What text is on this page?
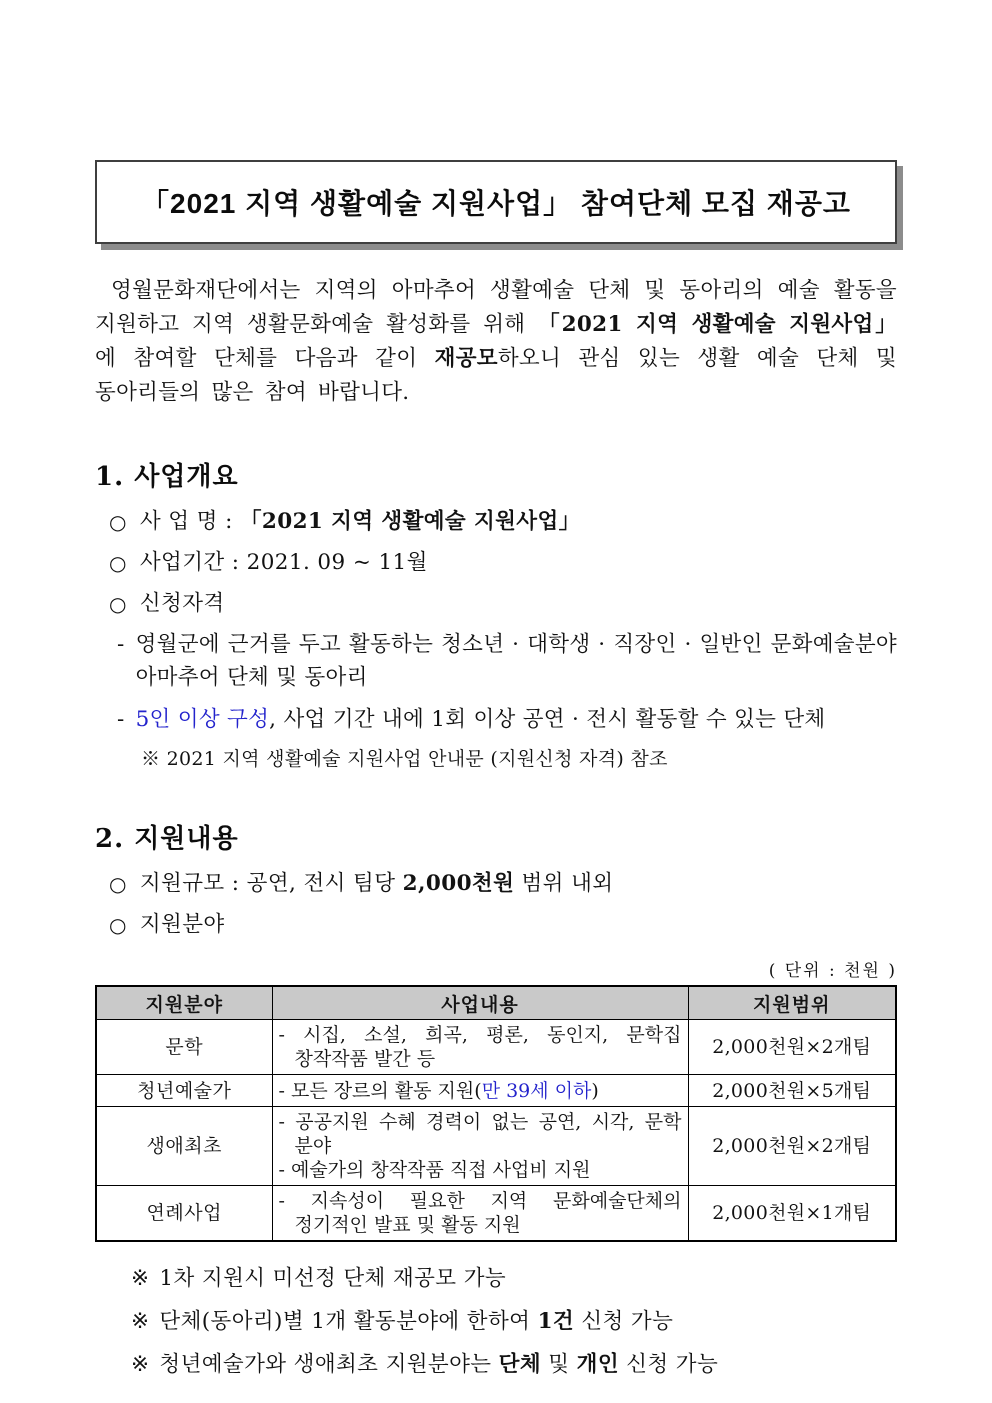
「2021 지역 생활예술 지원사업」 참여단체 모집 재공고

영월문화재단에서는 지역의 아마추어 생활예술 단체 및 동아리의 예술 활동을 지원하고 지역 생활문화예술 활성화를 위해 「2021 지역 생활예술 지원사업」에 참여할 단체를 다음과 같이 재공모하오니 관심 있는 생활 예술 단체 및 동아리들의 많은 참여 바랍니다.

1. 사업개요
○ 사 업 명 : 「2021 지역 생활예술 지원사업」
○ 사업기간 : 2021. 09 ~ 11월
○ 신청자격
- 영월군에 근거를 두고 활동하는 청소년 · 대학생 · 직장인 · 일반인 문화예술분야 아마추어 단체 및 동아리
- 5인 이상 구성, 사업 기간 내에 1회 이상 공연 · 전시 활동할 수 있는 단체
※ 2021 지역 생활예술 지원사업 안내문 (지원신청 자격) 참조
2. 지원내용
○ 지원규모 : 공연, 전시 팀당 2,000천원 범위 내외
○ 지원분야
( 단위 : 천원 )
지원분야	사업내용	지원범위
문학	- 시집, 소설, 희곡, 평론, 동인지, 문학집 창작작품 발간 등	2,000천원×2개팀
청년예술가	- 모든 장르의 활동 지원(만 39세 이하)	2,000천원×5개팀
생애최초	- 공공지원 수혜 경력이 없는 공연, 시각, 문학 분야
- 예술가의 창작작품 직접 사업비 지원	2,000천원×2개팀
연례사업	- 지속성이 필요한 지역 문화예술단체의 정기적인 발표 및 활동 지원	2,000천원×1개팀
※ 1차 지원시 미선정 단체 재공모 가능
※ 단체(동아리)별 1개 활동분야에 한하여 1건 신청 가능
※ 청년예술가와 생애최초 지원분야는 단체 및 개인 신청 가능
